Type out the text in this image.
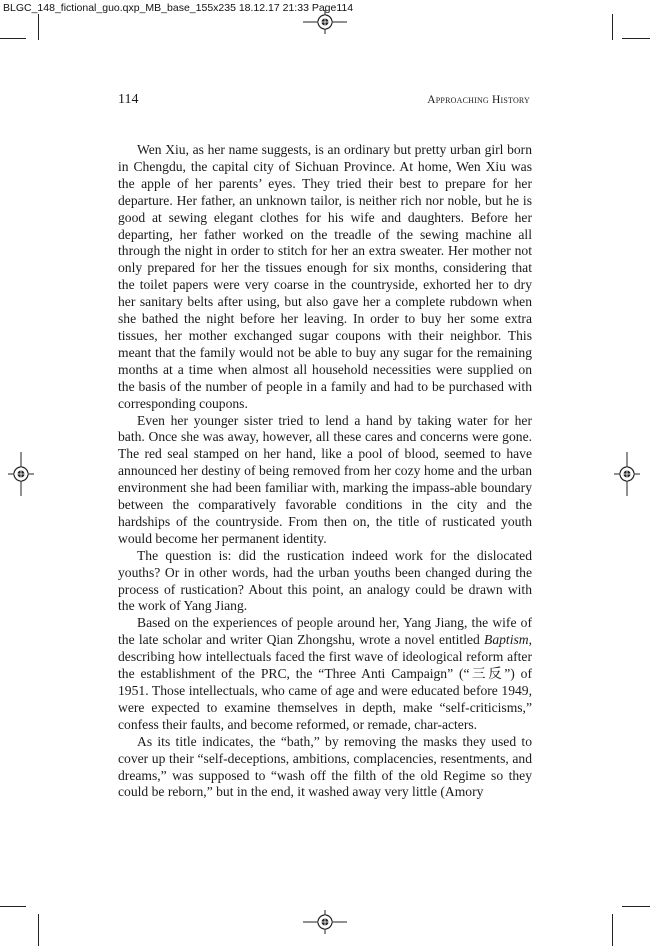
BLGC_148_fictional_guo.qxp_MB_base_155x235 18.12.17 21:33 Page114
114	Approaching History

Wen Xiu, as her name suggests, is an ordinary but pretty urban girl born in Chengdu, the capital city of Sichuan Province. At home, Wen Xiu was the apple of her parents’ eyes. They tried their best to prepare for her departure. Her father, an unknown tailor, is neither rich nor noble, but he is good at sewing elegant clothes for his wife and daughters. Before her departing, her father worked on the treadle of the sewing machine all through the night in order to stitch for her an extra sweater. Her mother not only prepared for her the tissues enough for six months, considering that the toilet papers were very coarse in the countryside, exhorted her to dry her sanitary belts after using, but also gave her a complete rubdown when she bathed the night before her leaving. In order to buy her some extra tissues, her mother exchanged sugar coupons with their neighbor. This meant that the family would not be able to buy any sugar for the remaining months at a time when almost all household necessities were supplied on the basis of the number of people in a family and had to be purchased with corresponding coupons.

Even her younger sister tried to lend a hand by taking water for her bath. Once she was away, however, all these cares and concerns were gone. The red seal stamped on her hand, like a pool of blood, seemed to have announced her destiny of being removed from her cozy home and the urban environment she had been familiar with, marking the impass-able boundary between the comparatively favorable conditions in the city and the hardships of the countryside. From then on, the title of rusticated youth would become her permanent identity.

The question is: did the rustication indeed work for the dislocated youths? Or in other words, had the urban youths been changed during the process of rustication? About this point, an analogy could be drawn with the work of Yang Jiang.

Based on the experiences of people around her, Yang Jiang, the wife of the late scholar and writer Qian Zhongshu, wrote a novel entitled Baptism, describing how intellectuals faced the first wave of ideological reform after the establishment of the PRC, the “Three Anti Campaign” (“三反”) of 1951. Those intellectuals, who came of age and were educated before 1949, were expected to examine themselves in depth, make “self-criticisms,” confess their faults, and become reformed, or remade, char-acters.

As its title indicates, the “bath,” by removing the masks they used to cover up their “self-deceptions, ambitions, complacencies, resentments, and dreams,” was supposed to “wash off the filth of the old Regime so they could be reborn,” but in the end, it washed away very little (Amory
